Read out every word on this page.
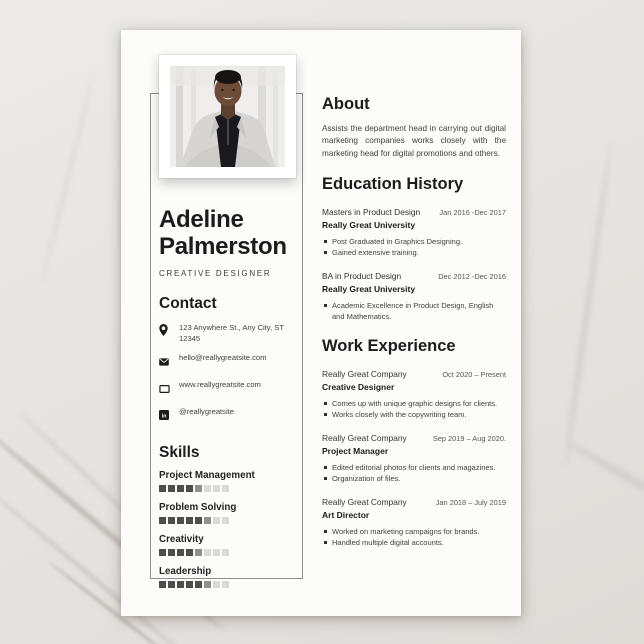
Adeline
Palmerston
CREATIVE DESIGNER
Contact
123 Anywhere St., Any City, ST 12345
hello@reallygreatsite.com
www.reallygreatsite.com
in
@reallygreatsite
Skills
Project Management
Problem Solving
Creativity
Leadership
About

Assists the department head in carrying out digital marketing companies works closely with the marketing head for digital promotions and others.

Education History
Masters in Product Design	Jan 2016 -Dec 2017
Really Great University
Post Graduated in Graphics Designing.
Gained extensive training.
BA in Product Design	Dec 2012 -Dec 2016
Really Great University
Academic Excellence in Product Design, English and Mathematics.
Work Experience
Really Great Company	Oct 2020 – Present
Creative Designer
Comes up with unique graphic designs for clients.
Works closely with the copywriting team.
Really Great Company	Sep 2019 – Aug 2020.
Project Manager
Edited editorial photos for clients and magazines.
Organization of files.
Really Great Company	Jan 2018 – July 2019
Art Director
Worked on marketing campaigns for brands.
Handled multiple digital accounts.
